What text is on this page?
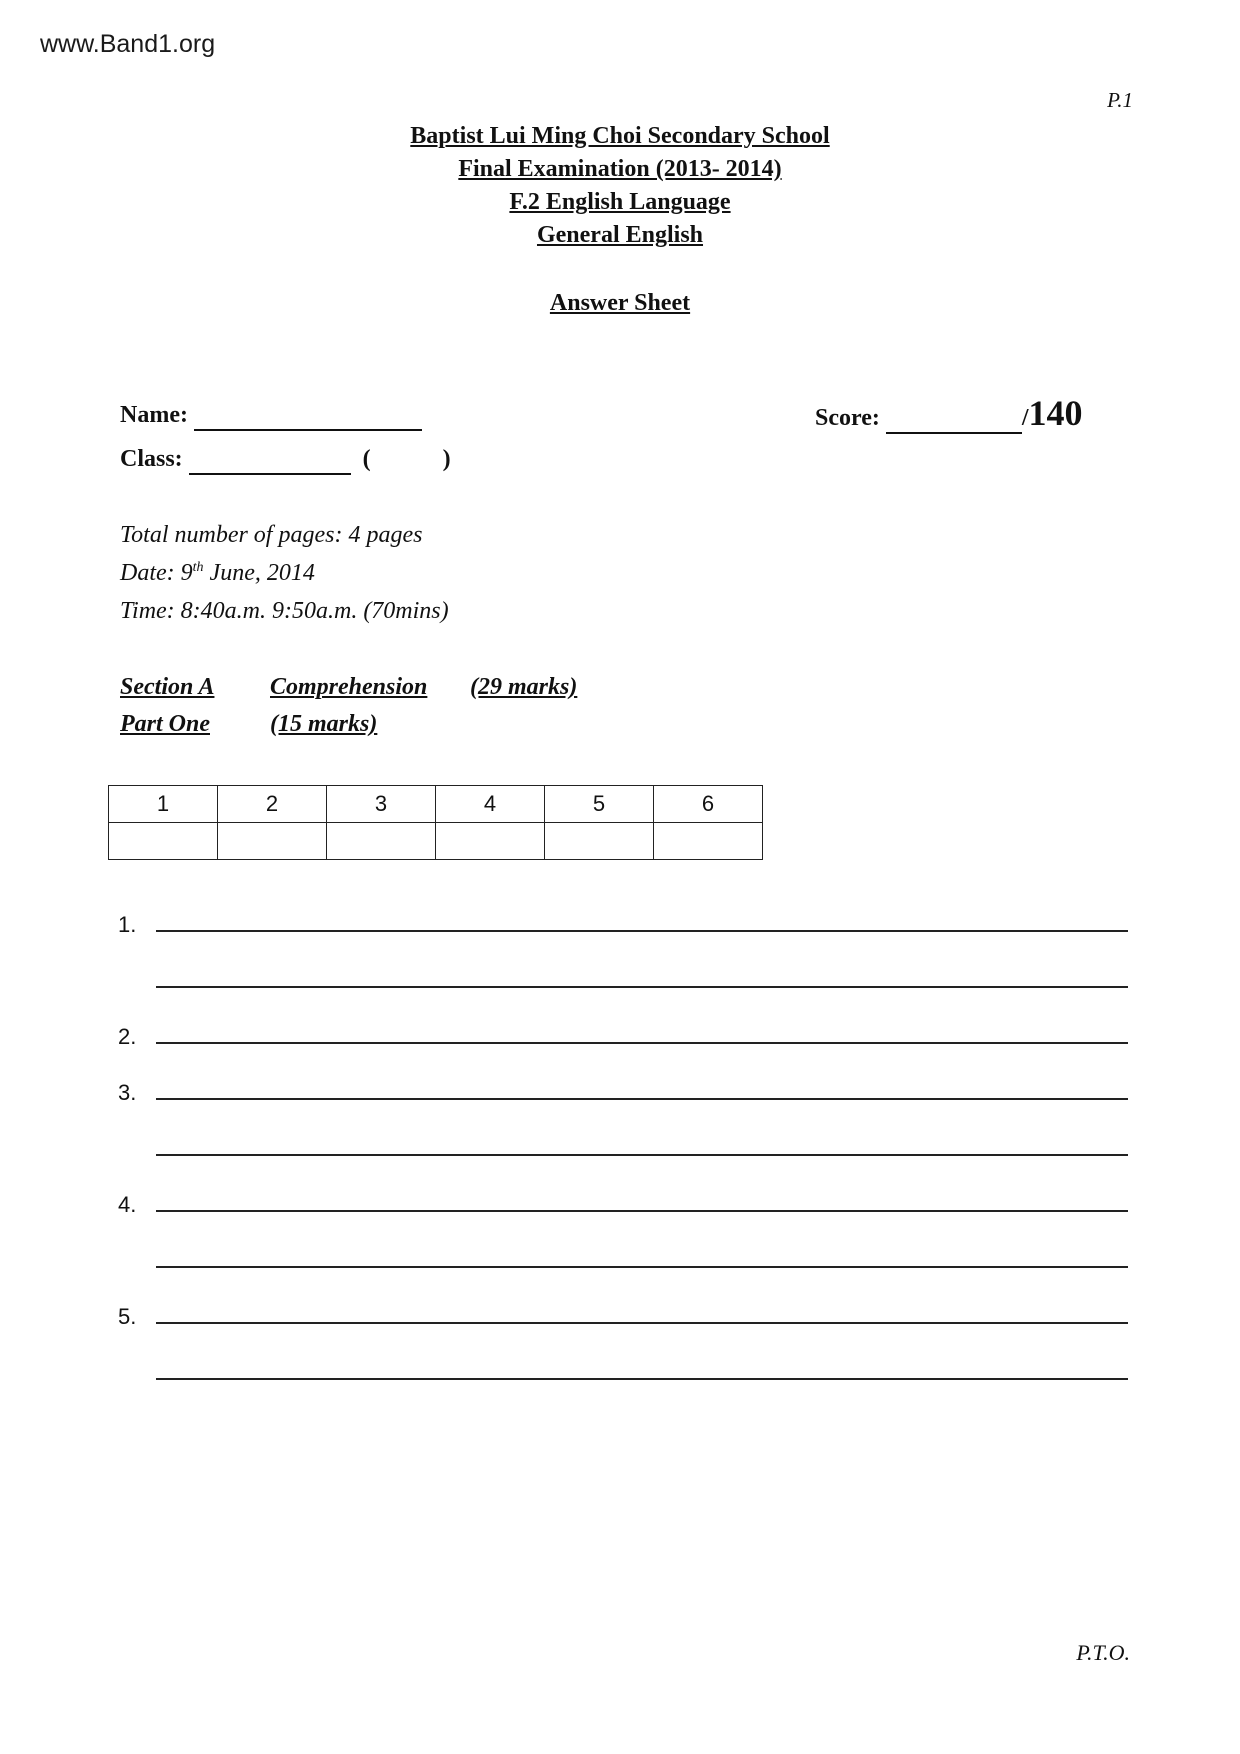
www.Band1.org
P.1
Baptist Lui Ming Choi Secondary School
Final Examination (2013- 2014)
F.2 English Language
General English
Answer Sheet
Name:
Class:	(	)
Score:	/140
Total number of pages: 4 pages
Date: 9th June, 2014
Time: 8:40a.m. 9:50a.m. (70mins)
Section A Comprehension (29 marks)
Part One	(15 marks)
1	2	3	4	5	6

1.
2.
3.
4.
5.
P.T.O.
